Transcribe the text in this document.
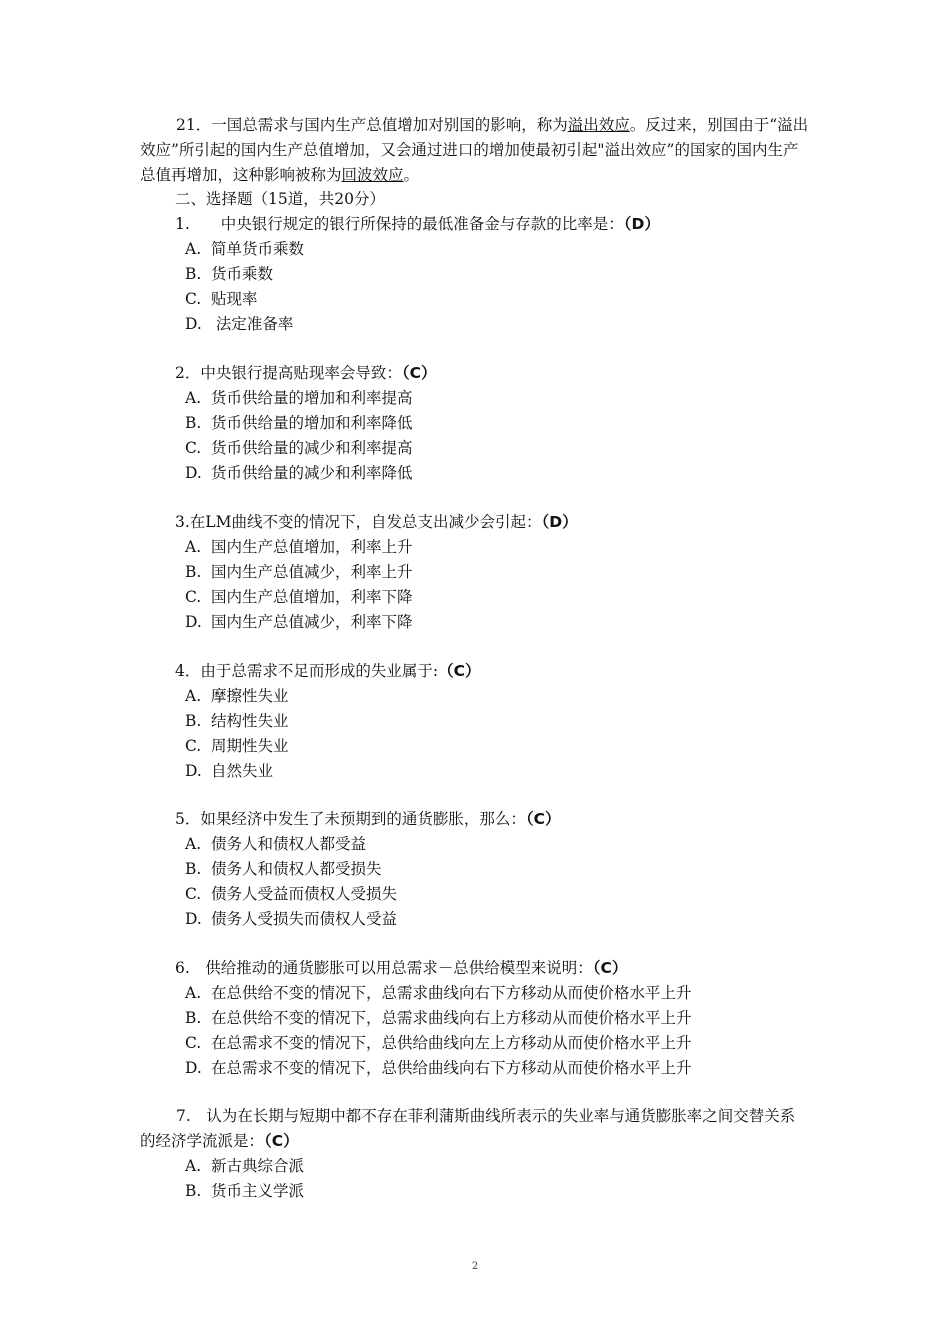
21．一国总需求与国内生产总值增加对别国的影响，称为溢出效应。反过来，别国由于“溢出效应”所引起的国内生产总值增加，又会通过进口的增加使最初引起"溢出效应”的国家的国内生产总值再增加，这种影响被称为回波效应。

二、选择题（15道，共20分）

1.　　中央银行规定的银行所保持的最低准备金与存款的比率是：（D）

A. 简单货币乘数
B. 货币乘数
C. 贴现率
D. 法定准备率

2．中央银行提高贴现率会导致：（C）

A. 货币供给量的增加和利率提高
B. 货币供给量的增加和利率降低
C. 货币供给量的减少和利率提高
D. 货币供给量的减少和利率降低

3.在LM曲线不变的情况下，自发总支出减少会引起：（D）

A. 国内生产总值增加，利率上升
B. 国内生产总值减少，利率上升
C. 国内生产总值增加，利率下降
D. 国内生产总值减少，利率下降

4．由于总需求不足而形成的失业属于:（C）

A. 摩擦性失业
B. 结构性失业
C. 周期性失业
D. 自然失业

5．如果经济中发生了未预期到的通货膨胀，那么：（C）

A. 债务人和债权人都受益
B. 债务人和债权人都受损失
C. 债务人受益而债权人受损失
D. 债务人受损失而债权人受益

6.　供给推动的通货膨胀可以用总需求－总供给模型来说明：（C）

A. 在总供给不变的情况下，总需求曲线向右下方移动从而使价格水平上升
B. 在总供给不变的情况下，总需求曲线向右上方移动从而使价格水平上升
C. 在总需求不变的情况下，总供给曲线向左上方移动从而使价格水平上升
D. 在总需求不变的情况下，总供给曲线向右下方移动从而使价格水平上升

7.　认为在长期与短期中都不存在菲利蒲斯曲线所表示的失业率与通货膨胀率之间交替关系的经济学流派是：（C）

A. 新古典综合派
B. 货币主义学派
2
